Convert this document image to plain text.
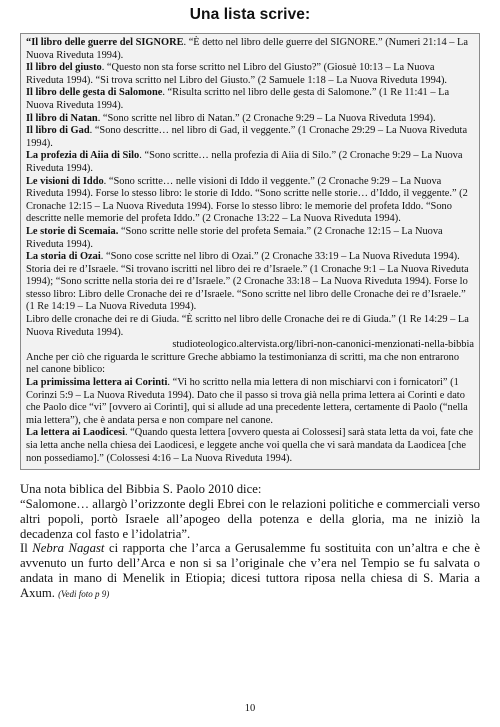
Una lista scrive:

“Il libro delle guerre del SIGNORE. “È detto nel libro delle guerre del SIGNORE.” (Numeri 21:14 – La Nuova Riveduta 1994).

Il libro del giusto. “Questo non sta forse scritto nel Libro del Giusto?” (Giosuè 10:13 – La Nuova Riveduta 1994). “Si trova scritto nel Libro del Giusto.” (2 Samuele 1:18 – La Nuova Riveduta 1994).

Il libro delle gesta di Salomone. “Risulta scritto nel libro delle gesta di Salomone.” (1 Re 11:41 – La Nuova Riveduta 1994).

Il libro di Natan. “Sono scritte nel libro di Natan.” (2 Cronache 9:29 – La Nuova Riveduta 1994).

Il libro di Gad. “Sono descritte… nel libro di Gad, il veggente.” (1 Cronache 29:29 – La Nuova Riveduta 1994).

La profezia di Aiia di Silo. “Sono scritte… nella profezia di Aiia di Silo.” (2 Cronache 9:29 – La Nuova Riveduta 1994).

Le visioni di Iddo. “Sono scritte… nelle visioni di Iddo il veggente.” (2 Cronache 9:29 – La Nuova Riveduta 1994). Forse lo stesso libro: le storie di Iddo. “Sono scritte nelle storie… d’Iddo, il veggente.” (2 Cronache 12:15 – La Nuova Riveduta 1994). Forse lo stesso libro: le memorie del profeta Iddo. “Sono descritte nelle memorie del profeta Iddo.” (2 Cronache 13:22 – La Nuova Riveduta 1994).

Le storie di Scemaia. “Sono scritte nelle storie del profeta Semaia.” (2 Cronache 12:15 – La Nuova Riveduta 1994).

La storia di Ozai. “Sono cose scritte nel libro di Ozai.” (2 Cronache 33:19 – La Nuova Riveduta 1994).

Storia dei re d’Israele. “Si trovano iscritti nel libro dei re d’Israele.” (1 Cronache 9:1 – La Nuova Riveduta 1994); “Sono scritte nella storia dei re d’Israele.” (2 Cronache 33:18 – La Nuova Riveduta 1994). Forse lo stesso libro: Libro delle Cronache dei re d’Israele. “Sono scritte nel libro delle Cronache dei re d’Israele.” (1 Re 14:19 – La Nuova Riveduta 1994).

Libro delle cronache dei re di Giuda. “È scritto nel libro delle Cronache dei re di Giuda.” (1 Re 14:29 – La Nuova Riveduta 1994).

studioteologico.altervista.org/libri-non-canonici-menzionati-nella-bibbia

Anche per ciò che riguarda le scritture Greche abbiamo la testimonianza di scritti, ma che non entrarono nel canone biblico:

La primissima lettera ai Corinti. “Vi ho scritto nella mia lettera di non mischiarvi con i fornicatori” (1 Corinzi 5:9 – La Nuova Riveduta 1994). Dato che il passo si trova già nella prima lettera ai Corinti e dato che Paolo dice “vi” [ovvero ai Corinti], qui si allude ad una precedente lettera, certamente di Paolo (“nella mia lettera”), che è andata persa e non compare nel canone.

La lettera ai Laodicesi. “Quando questa lettera [ovvero questa ai Colossesi] sarà stata letta da voi, fate che sia letta anche nella chiesa dei Laodicesi, e leggete anche voi quella che vi sarà mandata da Laodicea [che non possediamo].” (Colossesi 4:16 – La Nuova Riveduta 1994).

Una nota biblica del Bibbia S. Paolo 2010 dice:

“Salomone… allargò l’orizzonte degli Ebrei con le relazioni politiche e commerciali verso altri popoli, portò Israele all’apogeo della potenza e della gloria, ma ne iniziò la decadenza col fasto e l’idolatria”.

Il Nebra Nagast ci rapporta che l’arca a Gerusalemme fu sostituita con un’altra e che è avvenuto un furto dell’Arca e non si sa l’originale che v’era nel Tempio se fu salvata o andata in mano di Menelik in Etiopia; dicesi tuttora riposa nella chiesa di S. Maria a Axum. (Vedi foto p 9)

10
